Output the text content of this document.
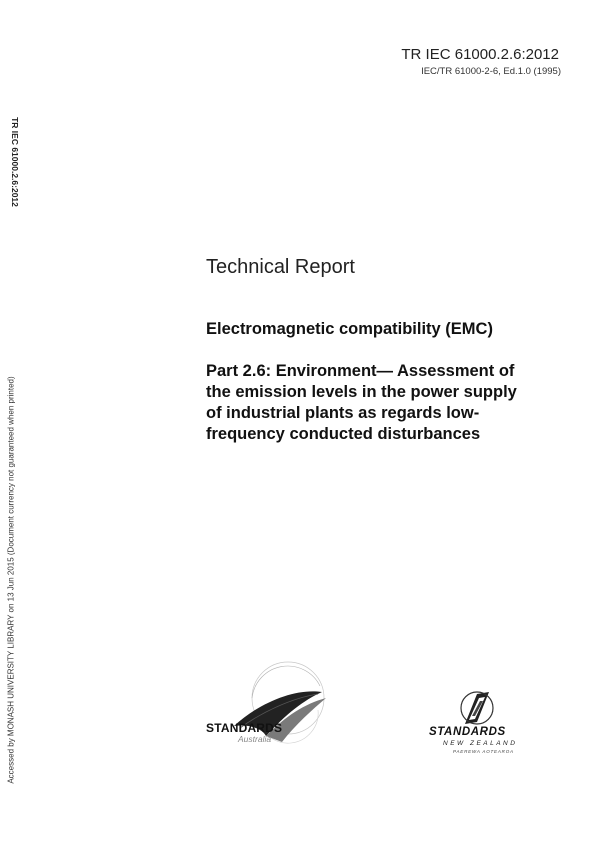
TR IEC 61000.2.6:2012
IEC/TR 61000-2-6, Ed.1.0 (1995)
TR IEC 61000.2.6:2012
Accessed by MONASH UNIVERSITY LIBRARY on 13 Jun 2015 (Document currency not guaranteed when printed)
Technical Report
Electromagnetic compatibility (EMC)
Part 2.6: Environment— Assessment of
the emission levels in the power supply
of industrial plants as regards low-
frequency conducted disturbances
STANDARDS
Australia
STANDARDS
NEW ZEALAND
PAEREWA AOTEAROA
